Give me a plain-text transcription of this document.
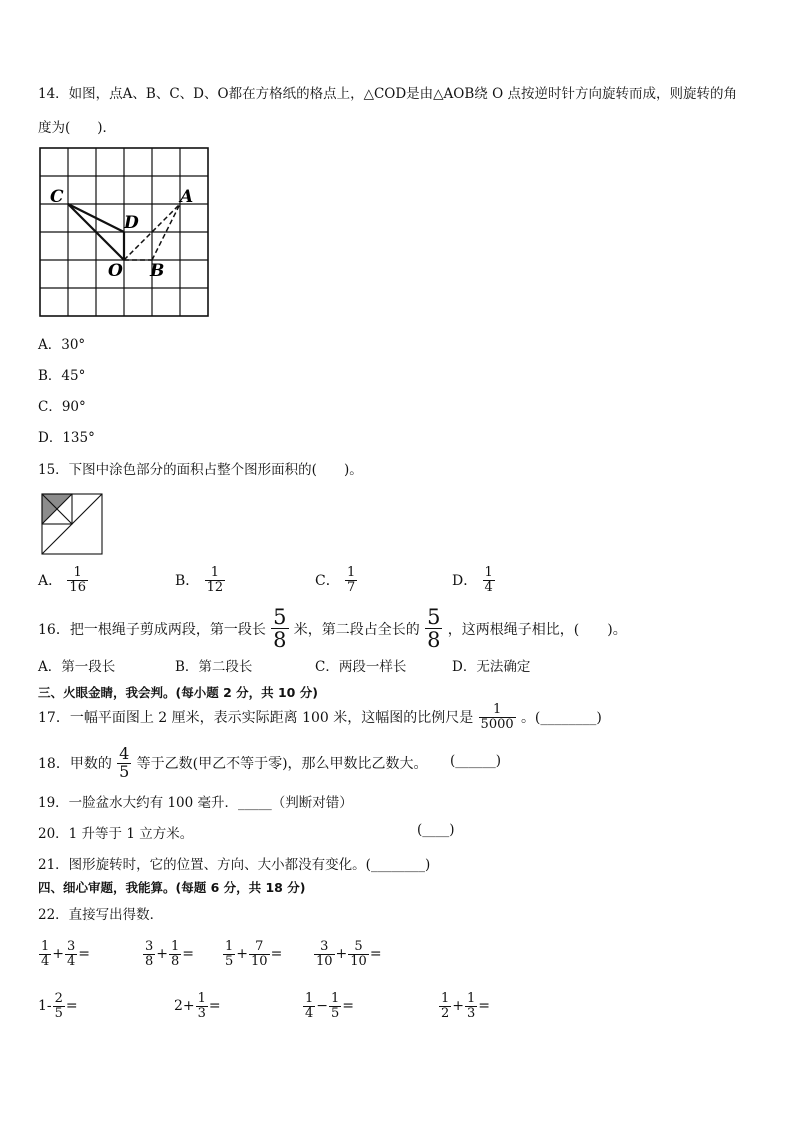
14．如图，点A、B、C、D、O都在方格纸的格点上，△COD是由△AOB绕 O 点按逆时针方向旋转而成，则旋转的角
度为(　　)．
C
D
A
O B
A．30°
B．45°
C．90°
D．135°
15．下图中涂色部分的面积占整个图形面积的(　　)。
A． $\frac{1}{16}$	B． $\frac{1}{12}$	C． $\frac{1}{7}$	D． $\frac{1}{4}$
16．把一根绳子剪成两段，第一段长 $\frac{5}{8}$ 米，第二段占全长的 $\frac{5}{8}$ ，这两根绳子相比，(　　)。
A．第一段长	B．第二段长	C．两段一样长	D．无法确定
三、火眼金睛，我会判。(每小题 2 分，共 10 分)
17．一幅平面图上 2 厘米，表示实际距离 100 米，这幅图的比例尺是 $\frac{1}{5000}$ 。(________)
18．甲数的 $\frac{4}{5}$ 等于乙数(甲乙不等于零)，那么甲数比乙数大。 (______)
19．一脸盆水大约有 100 毫升．_____（判断对错）
20．1 升等于 1 立方米。	(____)
21．图形旋转时，它的位置、方向、大小都没有变化。(________)
四、细心审题，我能算。(每题 6 分，共 18 分)
22．直接写出得数．
$\frac{1}{4} + \frac{3}{4}$ =	$\frac{3}{8} + \frac{1}{8} = \frac{1}{5} + \frac{7}{10} = \frac{3}{10} + \frac{5}{10}$ =
$1- \frac{2}{5}$ =	$2+ \frac{1}{3}$ =	$\frac{1}{4} - \frac{1}{5}$ =	$\frac{1}{2} + \frac{1}{3}$ =
